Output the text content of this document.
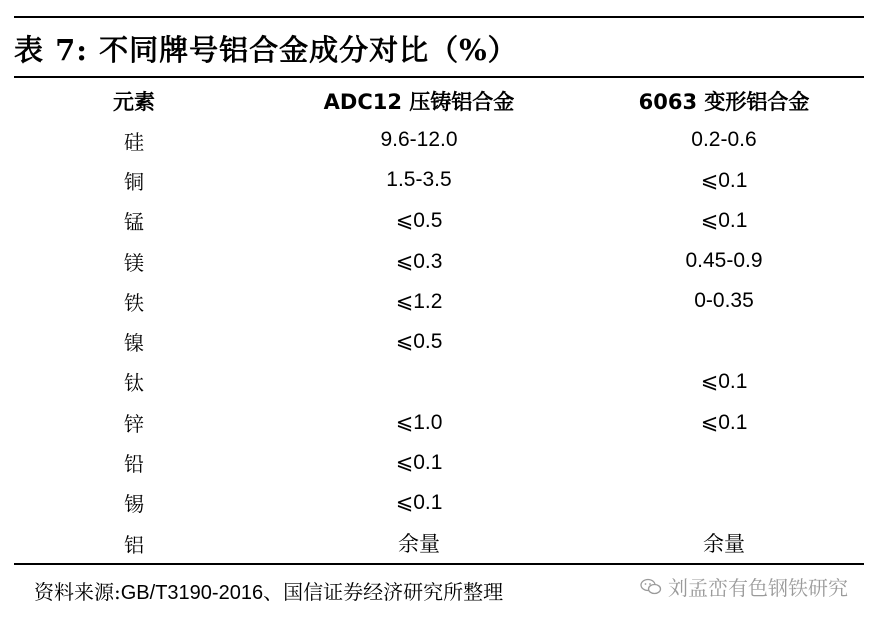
表 7: 不同牌号铝合金成分对比（%）
元素	ADC12 压铸铝合金	6063 变形铝合金
硅	9.6-12.0	0.2-0.6
铜	1.5-3.5	⩽0.1
锰	⩽0.5	⩽0.1
镁	⩽0.3	0.45-0.9
铁	⩽1.2	0-0.35
镍	⩽0.5	
钛		⩽0.1
锌	⩽1.0	⩽0.1
铅	⩽0.1	
锡	⩽0.1	
铝	余量	余量
资料来源:GB/T3190-2016、国信证券经济研究所整理	刘孟峦有色钢铁研究
